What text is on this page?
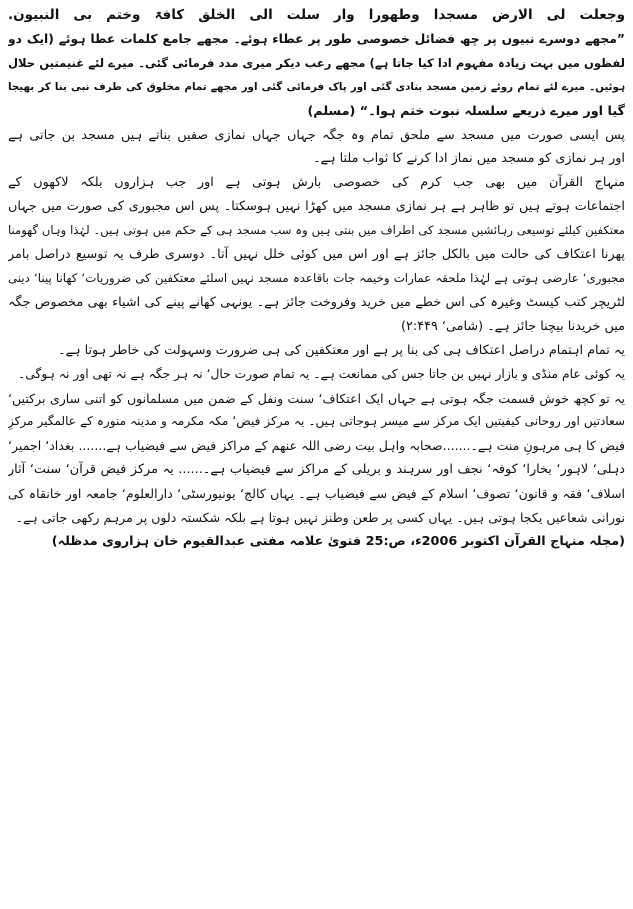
وجعلت لی الارض مسجدا وطھورا وار سلت الی الخلق کافۃ وختم بی النبیون.
”مجھے دوسرے نبیوں پر چھ فضائل خصوصی طور پر عطاء ہوئے۔ مجھے جامع کلمات عطا ہوئے (ایک دو
لفظوں میں بہت زیادہ مفہوم ادا کیا جاتا ہے) مجھے رعب دیکر میری مدد فرمائی گئی۔ میرے لئے غنیمتیں حلال
ہوئیں۔ میرے لئے تمام روئے زمین مسجد بنادی گئی اور پاک فرمائی گئی اور مجھے تمام مخلوق کی طرف نبی بنا کر بھیجا
گیا اور میرے ذریعے سلسلہ نبوت ختم ہوا۔“ (مسلم)
پس ایسی صورت میں مسجد سے ملحق تمام وہ جگہ جہاں جہاں نمازی صفیں بناتے ہیں مسجد بن جاتی ہے
اور ہر نمازی کو مسجد میں نماز ادا کرنے کا ثواب ملتا ہے۔
منہاج القرآن میں بھی جب کرم کی خصوصی بارش ہوتی ہے اور جب ہزاروں بلکہ لاکھوں کے
اجتماعات ہوتے ہیں تو ظاہر ہے ہر نمازی مسجد میں کھڑا نہیں ہوسکتا۔ پس اس مجبوری کی صورت میں جہاں
معتکفین کیلئے توسیعی رہائشیں مسجد کی اطراف میں بنتی ہیں وہ سب مسجد ہی کے حکم میں ہوتی ہیں۔ لہٰذا وہاں گھومنا
پھرنا اعتکاف کی حالت میں بالکل جائز ہے اور اس میں کوئی خلل نہیں آتا۔ دوسری طرف یہ توسیع دراصل بامر
مجبوری‘ عارضی ہوتی ہے لہٰذا ملحقہ عمارات وخیمہ جات باقاعدہ مسجد نہیں اسلئے معتکفین کی ضروریات‘ کھانا پینا‘ دینی
لٹریچر کتب کیسٹ وغیرہ کی اس خطے میں خرید وفروخت جائز ہے۔ یونہی کھانے پینے کی اشیاء بھی مخصوص جگہ
میں خریدنا بیچنا جائز ہے۔ (شامی‘ ۲:۴۴۹)
یہ تمام اہتمام دراصل اعتکاف ہی کی بنا پر ہے اور معتکفین کی ہی ضرورت وسہولت کی خاطر ہوتا ہے۔
یہ کوئی عام منڈی و بازار نہیں بن جاتا جس کی ممانعت ہے۔ یہ تمام صورت حال‘ نہ ہر جگہ ہے نہ تھی اور نہ ہوگی۔
یہ تو کچھ خوش قسمت جگہ ہوتی ہے جہاں ایک اعتکاف‘ سنت ونفل کے ضمن میں مسلمانوں کو اتنی ساری برکتیں‘
سعادتیں اور روحانی کیفیتیں ایک مرکز سے میسر ہوجاتی ہیں۔ یہ مرکز فیض‘ مکہ مکرمہ و مدینہ منورہ کے عالمگیر مرکزِ
فیض کا ہی مرہونِ منت ہے۔.......صحابہ واہل بیت رضی اللہ عنھم کے مراکز فیض سے فیضیاب ہے....... بغداد‘ اجمیر‘
دہلی‘ لاہور‘ بخارا‘ کوفہ‘ نجف اور سرہند و بریلی کے مراکز سے فیضیاب ہے۔...... یہ مرکز فیض قرآن‘ سنت‘ آثار
اسلاف‘ فقہ و قانون‘ تصوف‘ اسلام کے فیض سے فیضیاب ہے۔ یہاں کالج‘ یونیورسٹی‘ دارالعلوم‘ جامعہ اور خانقاہ کی
نورانی شعاعیں یکجا ہوتی ہیں۔ یہاں کسی پر طعن وطنز نہیں ہوتا ہے بلکہ شکستہ دلوں پر مرہم رکھی جاتی ہے۔
(مجلہ منہاج القرآن اکتوبر 2006ء، ص:25 فتویٰ علامہ مفتی عبدالقیوم خان ہزاروی مدظلہ)
